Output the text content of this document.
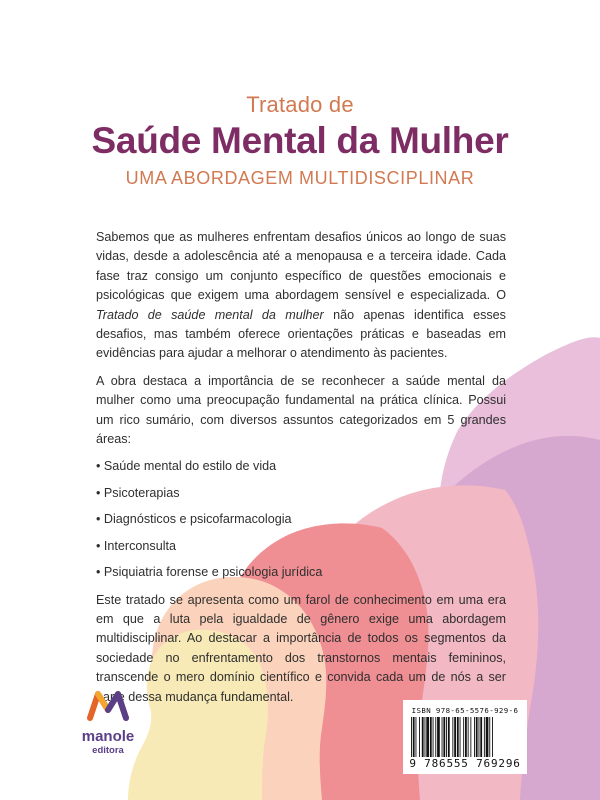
Tratado de
Saúde Mental da Mulher
UMA ABORDAGEM MULTIDISCIPLINAR

Sabemos que as mulheres enfrentam desafios únicos ao longo de suas vidas, desde a adolescência até a menopausa e a terceira idade. Cada fase traz consigo um conjunto específico de questões emocionais e psicológicas que exigem uma abordagem sensível e especializada. O Tratado de saúde mental da mulher não apenas identifica esses desafios, mas também oferece orientações práticas e baseadas em evidências para ajudar a melhorar o atendimento às pacientes.

A obra destaca a importância de se reconhecer a saúde mental da mulher como uma preocupação fundamental na prática clínica. Possui um rico sumário, com diversos assuntos categorizados em 5 grandes áreas:

• Saúde mental do estilo de vida
• Psicoterapias
• Diagnósticos e psicofarmacologia
• Interconsulta
• Psiquiatria forense e psicologia jurídica

Este tratado se apresenta como um farol de conhecimento em uma era em que a luta pela igualdade de gênero exige uma abordagem multidisciplinar. Ao destacar a importância de todos os segmentos da sociedade no enfrentamento dos transtornos mentais femininos, transcende o mero domínio científico e convida cada um de nós a ser parte dessa mudança fundamental.

manole
editora
ISBN 978-65-5576-929-6
9 786555 769296
